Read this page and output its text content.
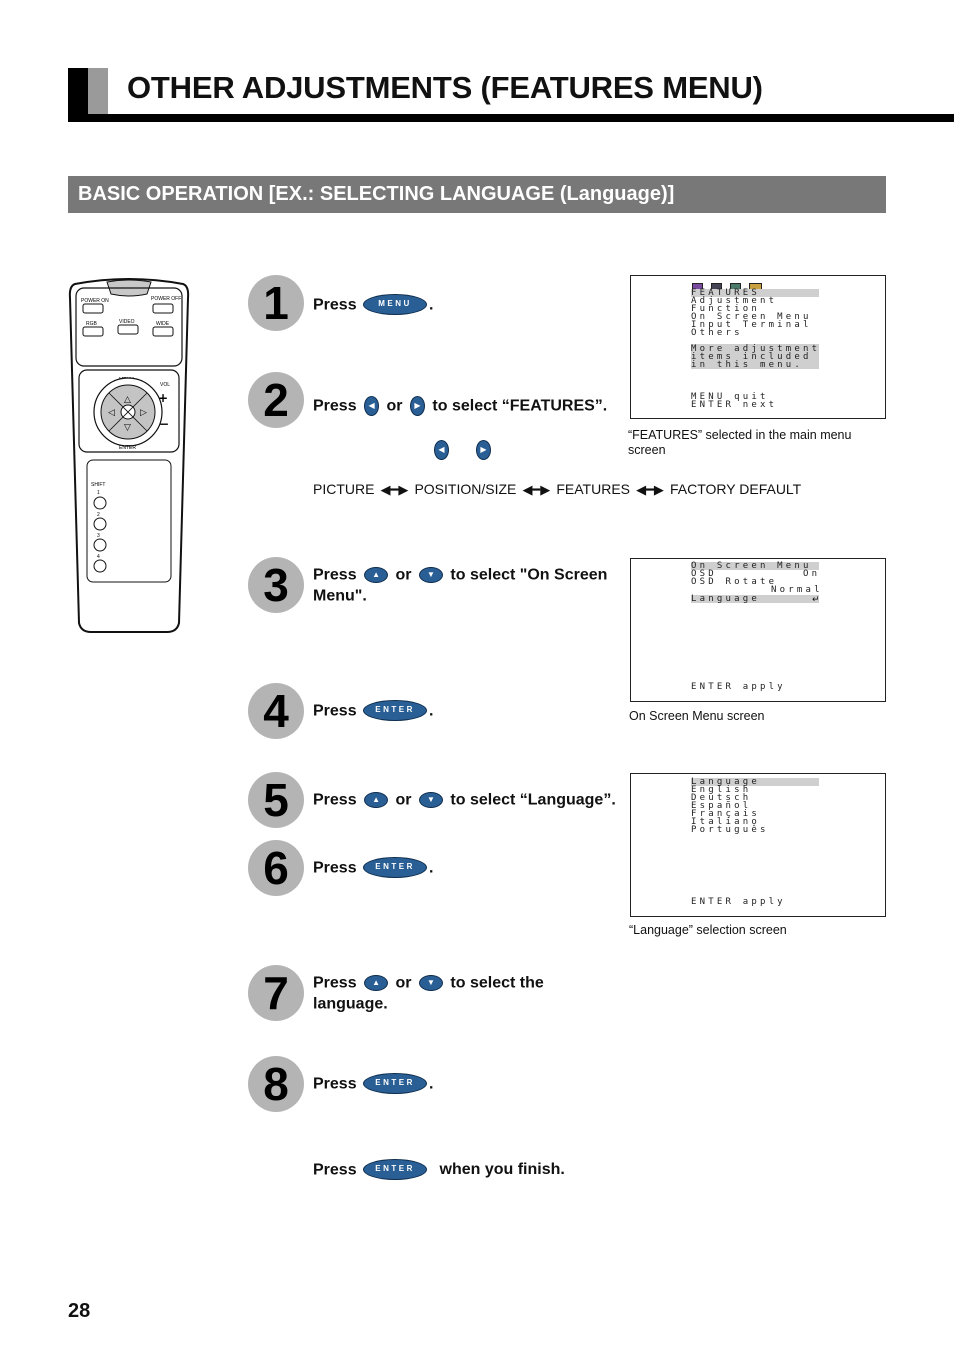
OTHER ADJUSTMENTS (FEATURES MENU)
BASIC OPERATION [EX.: SELECTING LANGUAGE (Language)]
POWER ON	POWER OFF
RGB	VIDEO	WIDE
VOL
△
▽
◁	▷
+
−
ENTER
SHIFT
1
2
3
4
1
2
3
4
5
6
7
8
Press	MENU .
Press ◀ or ▶ to select “FEATURES”.
◀	▶
PICTURE ◀━▶ POSITION/SIZE ◀━▶ FEATURES ◀━▶ FACTORY DEFAULT
Press ▲ or ▼ to select "On Screen Menu".
Press ENTER .
Press ▲ or ▼ to select “Language”.
Press ENTER .
Press ▲ or ▼ to select the language.
Press ENTER .
Press ENTER when you finish.
FEATURES
Adjustment
Function
On Screen Menu
Input Terminal
Others
More adjustment
items included
in this menu.
MENU quit
ENTER next
“FEATURES” selected in the main menu screen
On Screen Menu
OSD	On
OSD Rotate
Normal
Language	↵
ENTER apply
On Screen Menu screen
Language
English
Deutsch
Español
Français
Italiano
Português
ENTER apply
“Language” selection screen
28
